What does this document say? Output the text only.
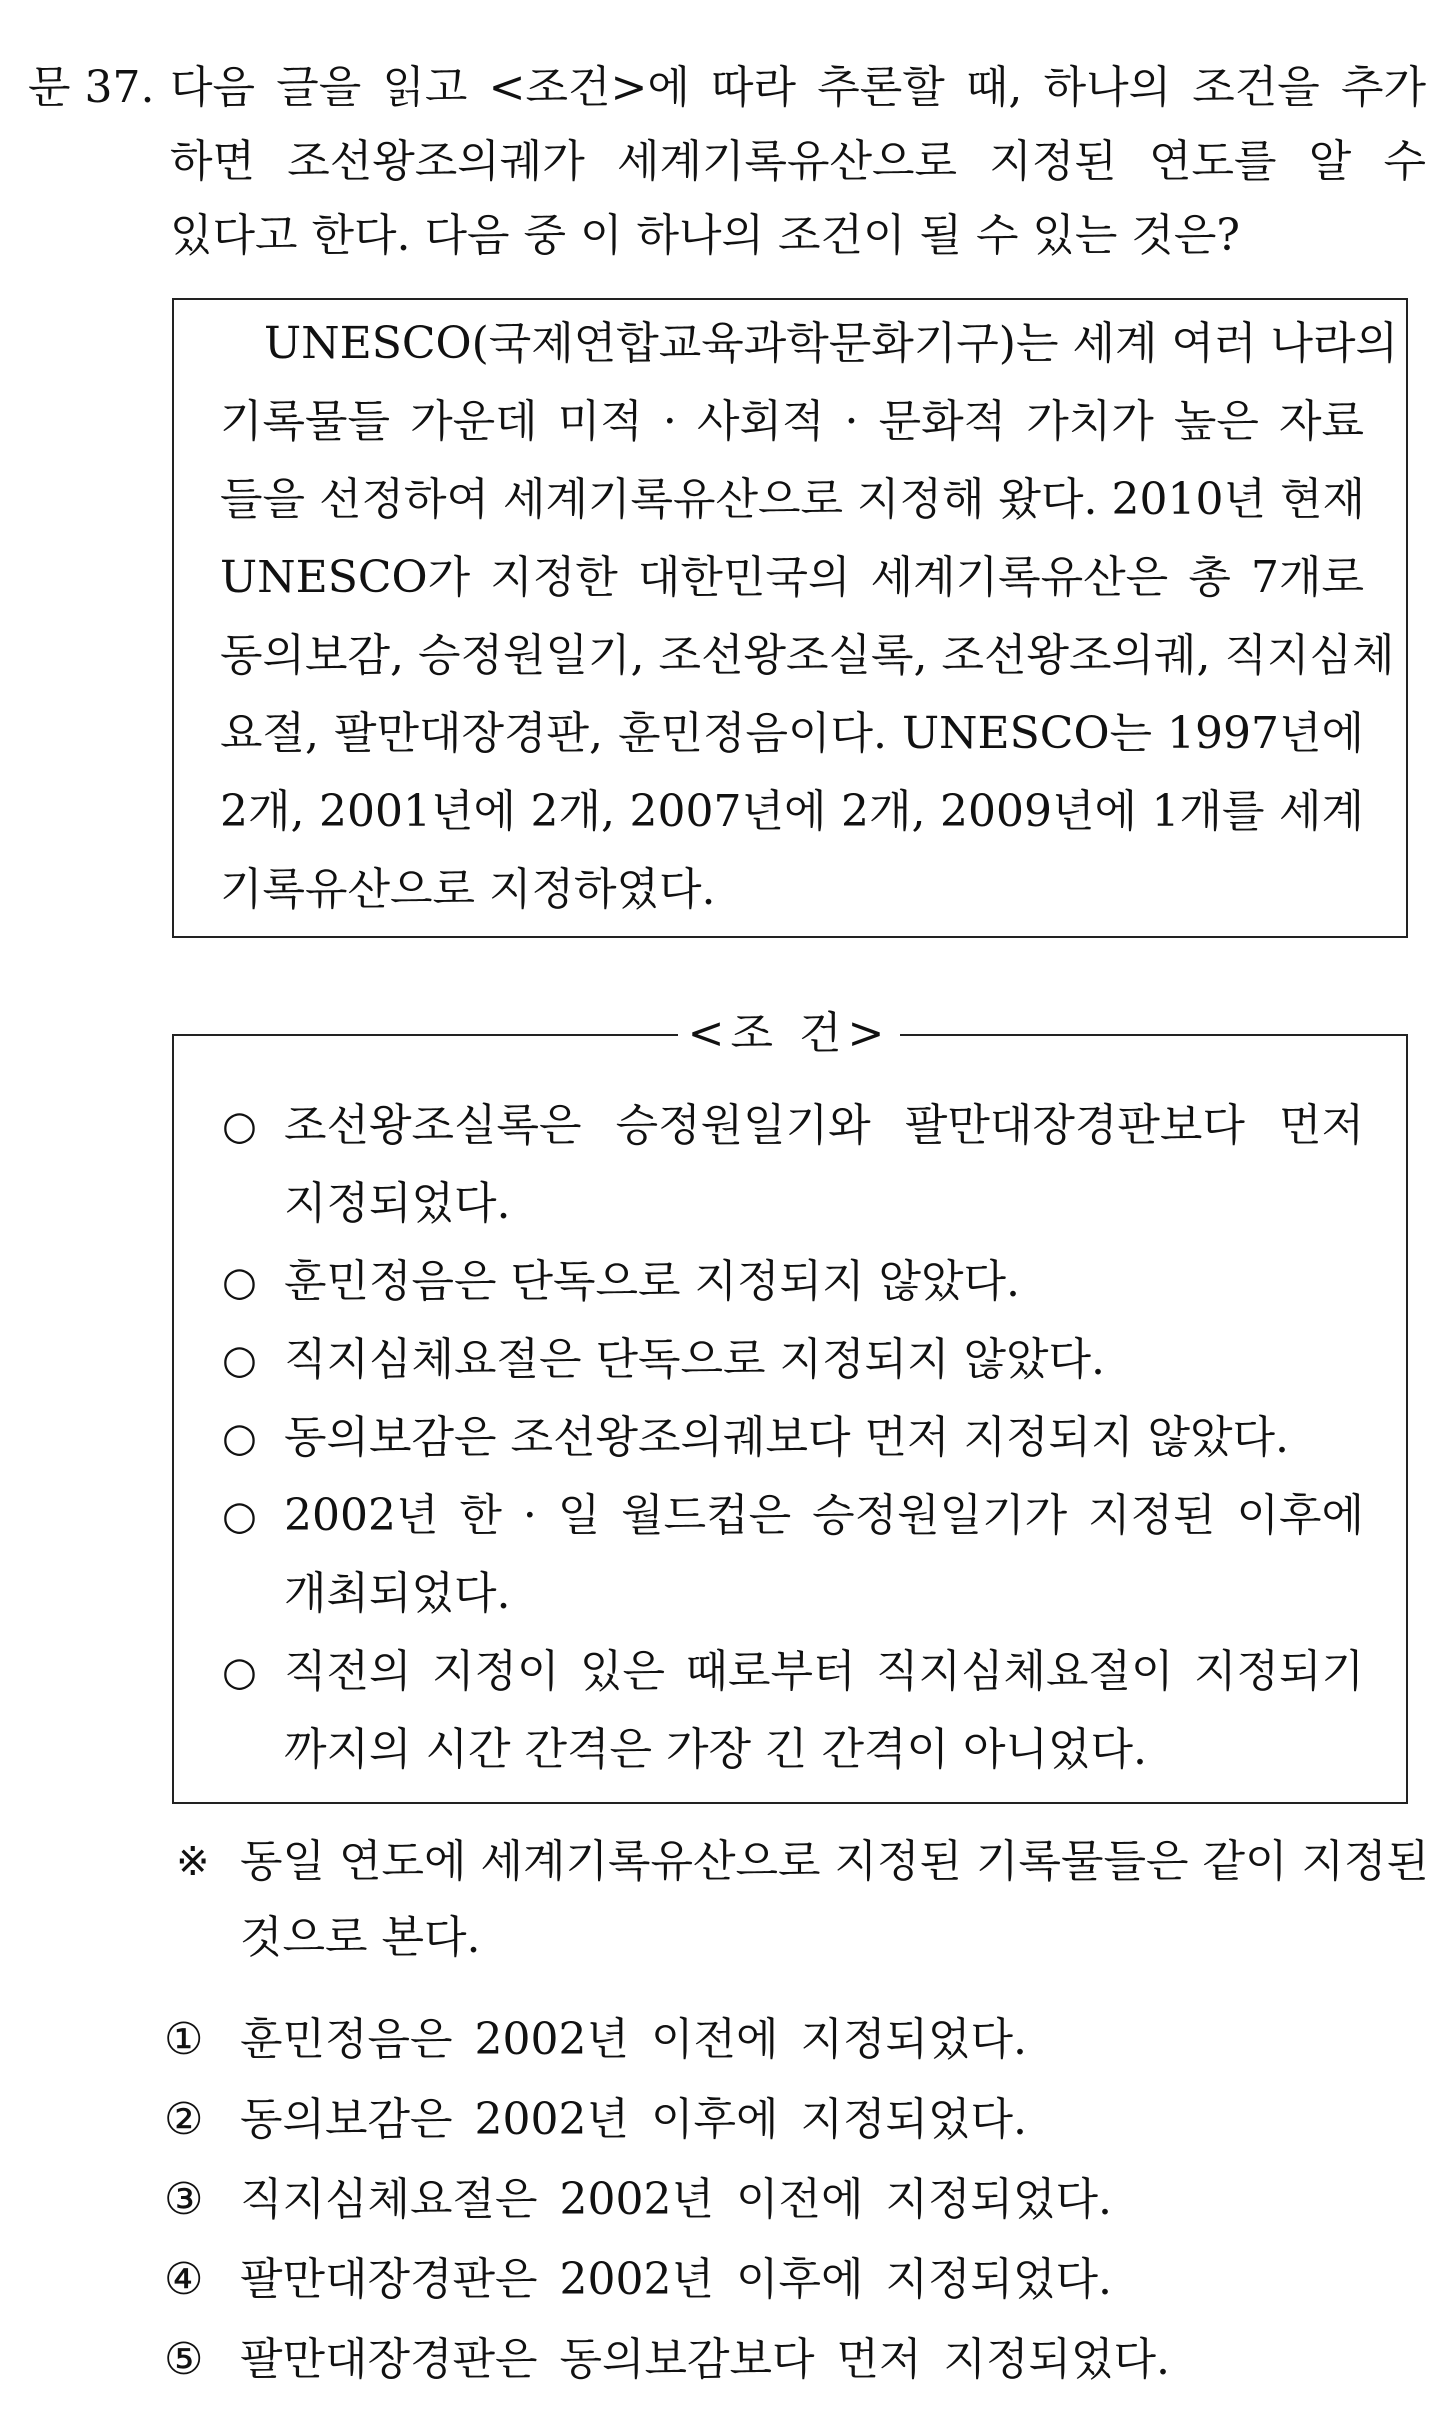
문 37. 다음 글을 읽고 <조건>에 따라 추론할 때, 하나의 조건을 추가
하면 조선왕조의궤가 세계기록유산으로 지정된 연도를 알 수
있다고 한다. 다음 중 이 하나의 조건이 될 수 있는 것은?
UNESCO(국제연합교육과학문화기구)는 세계 여러 나라의
기록물들 가운데 미적 · 사회적 · 문화적 가치가 높은 자료
들을 선정하여 세계기록유산으로 지정해 왔다. 2010년 현재
UNESCO가 지정한 대한민국의 세계기록유산은 총 7개로
동의보감, 승정원일기, 조선왕조실록, 조선왕조의궤, 직지심체
요절, 팔만대장경판, 훈민정음이다. UNESCO는 1997년에
2개, 2001년에 2개, 2007년에 2개, 2009년에 1개를 세계
기록유산으로 지정하였다.
<조 건>
○ 조선왕조실록은 승정원일기와 팔만대장경판보다 먼저
지정되었다.
○ 훈민정음은 단독으로 지정되지 않았다.
○ 직지심체요절은 단독으로 지정되지 않았다.
○ 동의보감은 조선왕조의궤보다 먼저 지정되지 않았다.
○ 2002년 한 · 일 월드컵은 승정원일기가 지정된 이후에
개최되었다.
○ 직전의 지정이 있은 때로부터 직지심체요절이 지정되기
까지의 시간 간격은 가장 긴 간격이 아니었다.
※ 동일 연도에 세계기록유산으로 지정된 기록물들은 같이 지정된
것으로 본다.
① 훈민정음은 2002년 이전에 지정되었다.
② 동의보감은 2002년 이후에 지정되었다.
③ 직지심체요절은 2002년 이전에 지정되었다.
④ 팔만대장경판은 2002년 이후에 지정되었다.
⑤ 팔만대장경판은 동의보감보다 먼저 지정되었다.
